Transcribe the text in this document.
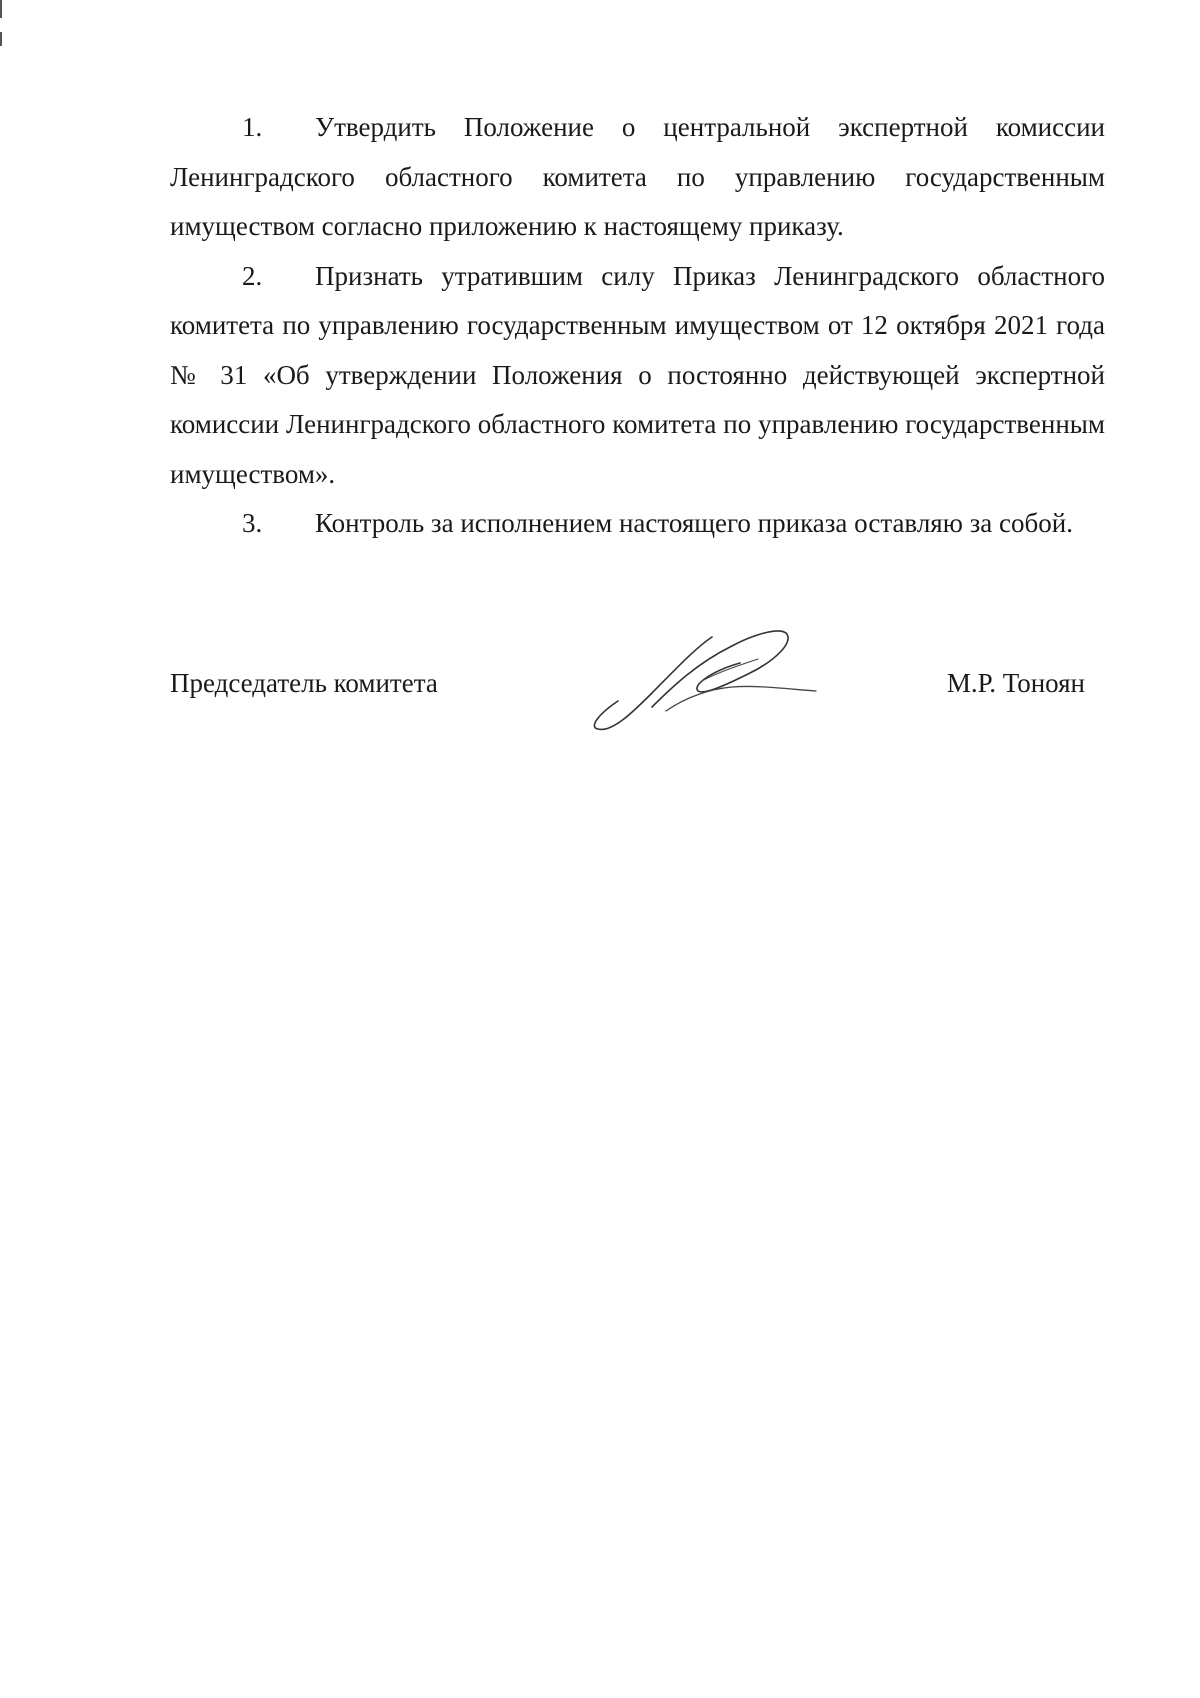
1. Утвердить Положение о центральной экспертной комиссии Ленинградского областного комитета по управлению государственным имуществом согласно приложению к настоящему приказу.

2. Признать утратившим силу Приказ Ленинградского областного комитета по управлению государственным имуществом от 12 октября 2021 года № 31 «Об утверждении Положения о постоянно действующей экспертной комиссии Ленинградского областного комитета по управлению государственным имуществом».

3. Контроль за исполнением настоящего приказа оставляю за собой.

Председатель комитета	М.Р. Тоноян
